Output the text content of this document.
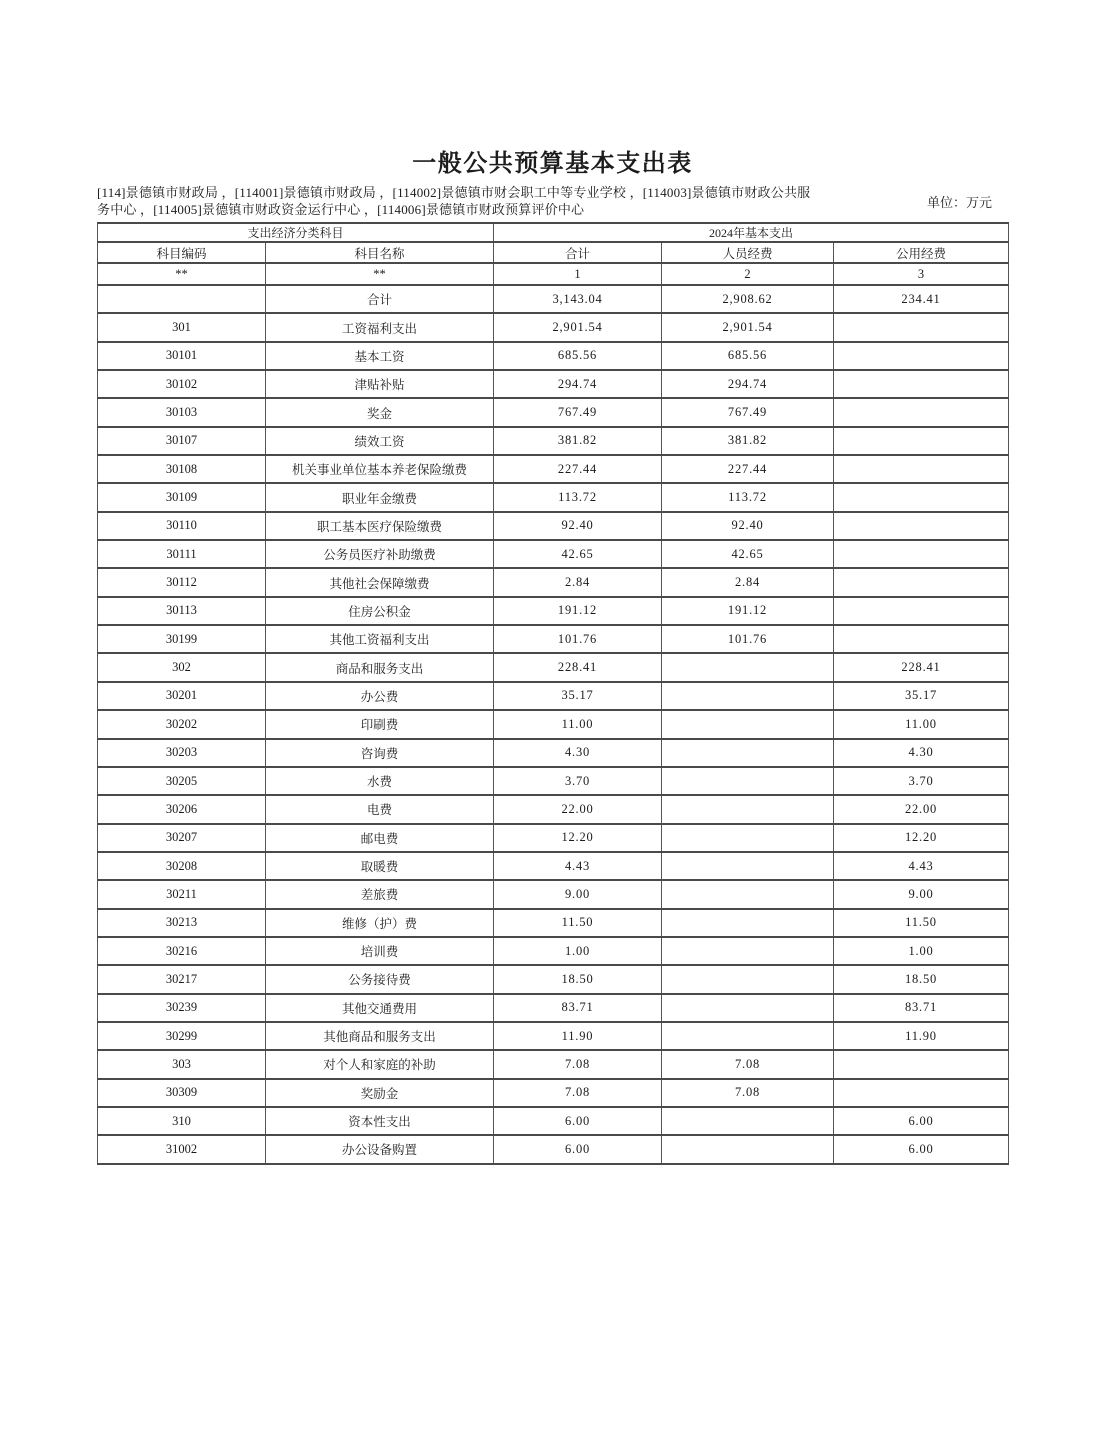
一般公共预算基本支出表
[114]景德镇市财政局 ，[114001]景德镇市财政局 ，[114002]景德镇市财会职工中等专业学校 ，[114003]景德镇市财政公共服务中心 ，[114005]景德镇市财政资金运行中心 ，[114006]景德镇市财政预算评价中心	单位：万元
支出经济分类科目		2024年基本支出		
科目编码	科目名称	合计	人员经费	公用经费
**	**	1	2	3
	合计	3,143.04	2,908.62	234.41
301	工资福利支出	2,901.54	2,901.54	
30101	基本工资	685.56	685.56	
30102	津贴补贴	294.74	294.74	
30103	奖金	767.49	767.49	
30107	绩效工资	381.82	381.82	
30108	机关事业单位基本养老保险缴费	227.44	227.44	
30109	职业年金缴费	113.72	113.72	
30110	职工基本医疗保险缴费	92.40	92.40	
30111	公务员医疗补助缴费	42.65	42.65	
30112	其他社会保障缴费	2.84	2.84	
30113	住房公积金	191.12	191.12	
30199	其他工资福利支出	101.76	101.76	
302	商品和服务支出	228.41		228.41
30201	办公费	35.17		35.17
30202	印刷费	11.00		11.00
30203	咨询费	4.30		4.30
30205	水费	3.70		3.70
30206	电费	22.00		22.00
30207	邮电费	12.20		12.20
30208	取暖费	4.43		4.43
30211	差旅费	9.00		9.00
30213	维修（护）费	11.50		11.50
30216	培训费	1.00		1.00
30217	公务接待费	18.50		18.50
30239	其他交通费用	83.71		83.71
30299	其他商品和服务支出	11.90		11.90
303	对个人和家庭的补助	7.08	7.08	
30309	奖励金	7.08	7.08	
310	资本性支出	6.00		6.00
31002	办公设备购置	6.00		6.00
